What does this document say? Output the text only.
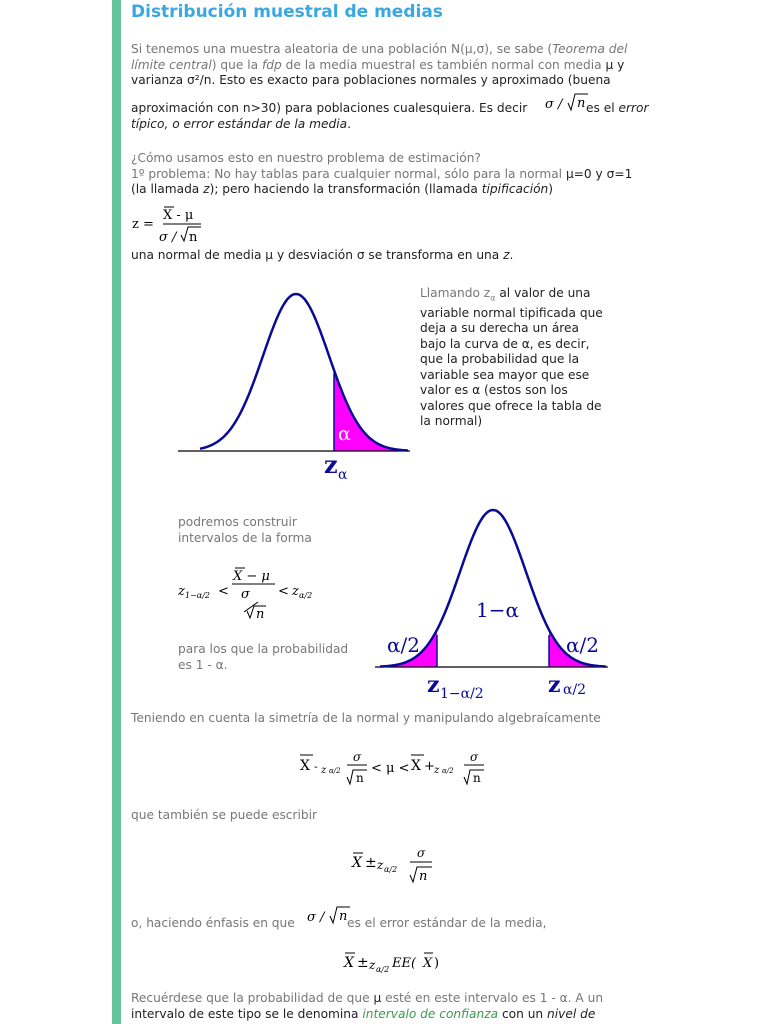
Distribución muestral de medias
Si tenemos una muestra aleatoria de una población N(μ,σ), se sabe (Teorema del
límite central) que la fdp de la media muestral es también normal con media μ y
varianza σ²/n. Esto es exacto para poblaciones normales y aproximado (buena
aproximación con n>30) para poblaciones cualesquiera. Es decir σ / n es el error
típico, o error estándar de la media.
¿Cómo usamos esto en nuestro problema de estimación?
1º problema: No hay tablas para cualquier normal, sólo para la normal μ=0 y σ=1
(la llamada z); pero haciendo la transformación (llamada tipificación)
z =
X - μ
σ / n
una normal de media μ y desviación σ se transforma en una z.
α
z α
Llamando $z_\alpha$ al valor de una
variable normal tipificada que
deja a su derecha un área
bajo la curva de α, es decir,
que la probabilidad que la
variable sea mayor que ese
valor es α (estos son los
valores que ofrece la tabla de
la normal)
podremos construir
intervalos de la forma
z 1−α/2 <
X − μ
σ
n
< z α/2
para los que la probabilidad
es 1 - α.
1−α
α/2	α/2
z 1−α/2	z α/2
Teniendo en cuenta la simetría de la normal y manipulando algebraícamente
X - z α/2
σ
n
< μ < X + z α/2
σ
n
que también se puede escribir
X ± z α/2
σ
n
o, haciendo énfasis en que σ / n es el error estándar de la media,
X ± z α/2 EE( X )
Recuérdese que la probabilidad de que μ esté en este intervalo es 1 - α. A un
intervalo de este tipo se le denomina intervalo de confianza con un nivel de
